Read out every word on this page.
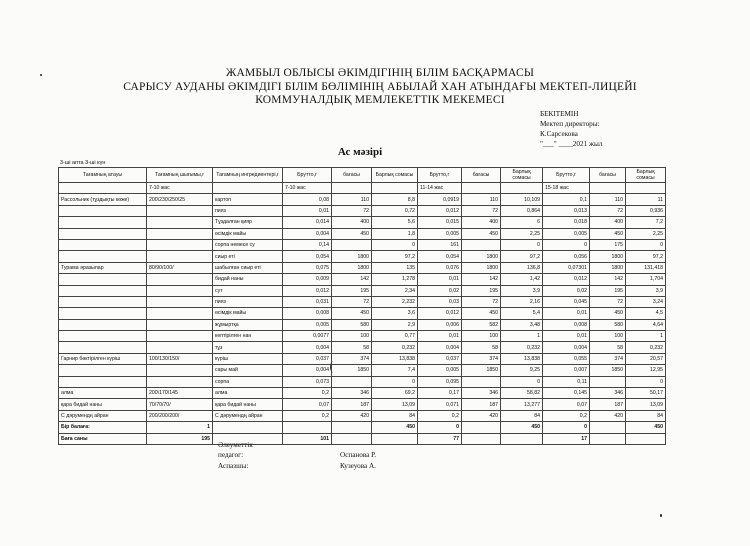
ЖАМБЫЛ ОБЛЫСЫ ӘКІМДІГІНІҢ БІЛІМ БАСҚАРМАСЫ
САРЫСУ АУДАНЫ ӘКІМДІГІ БІЛІМ БӨЛІМІНІҢ АБЫЛАЙ ХАН АТЫНДАҒЫ МЕКТЕП-ЛИЦЕЙІ
КОММУНАЛДЫҚ МЕМЛЕКЕТТІК МЕКЕМЕСІ
БЕКІТЕМІН
Мектеп директоры:
К.Сарсекова
"___" ____2021 жыл
Ас мәзірі
3-ші апта 3-ші күн
Тағамның атауы	Тағамның шығымы,г	Тағамның ингредиентері,г	Брутто,г	бағасы	Барлық сомасы	Брутто,г	бағасы	Барлық сомасы	Брутто,г	бағасы	Барлық сомасы
	7-10 жас		7-10 жас			11-14 жас			15-18 жас		
Рассольник (тұздықты көже)	200\230\250\25	картоп	0,08	110	8,8	0,0919	110	10,109	0,1	110	11
		пияз	0,01	72	0,72	0,012	72	0,864	0,013	72	0,936
		Тұздалған қияр	0,014	400	5,6	0,015	400	6	0,018	400	7,2
		өсімдік майы	0,004	450	1,8	0,005	450	2,25	0,005	450	2,25
		сорпа немесе су	0,14		0	161		0	0	175	0
		сиыр еті	0,054	1800	97,2	0,054	1800	97,2	0,056	1800	97,2
Турама әразылар	80/90/100/	шабылған сиыр еті	0,075	1800	135	0,076	1800	136,8	0,07301	1800	131,418
		бидай наны	0,009	142	1,278	0,01	142	1,42	0,012	142	1,704
		сут	0,012	195	2,34	0,02	195	3,9	0,02	195	3,9
		пияз	0,031	72	2,232	0,03	72	2,16	0,045	72	3,24
		өсімдік майы	0,008	450	3,6	0,012	450	5,4	0,01	450	4,5
		жұмыртқа	0,005	580	2,9	0,006	582	3,48	0,008	580	4,64
		кептірілген нан	0,0077	100	0,77	0,01	100	1	0,01	100	1
		тұз	0,004	58	0,232	0,004	58	0,232	0,004	58	0,232
Гарнир бөктірілген күріш	100/130/150/	күріш	0,037	374	13,838	0,037	374	13,838	0,055	374	20,57
		сары май	0,004	1850	7,4	0,005	1850	9,25	0,007	1850	12,95
		сорпа	0,073		0	0,095		0	0,11		0
алма	200\170\145	алма	0,2	346	69,2	0,17	346	58,82	0,145	346	50,17
қара бидай наны	70/70/70/	қара бидай наны	0,07	187	13,09	0,071	187	13,277	0,07	187	13,09
С дәрумендң айран	200/200/200/	С дәрумендң айран	0,2	420	84	0,2	420	84	0,2	420	84
Бір балаға:	1				450	0		450	0		450
Баға саны	195		101			77			17		
Әлеуметтік
педагог:	Оспанова Р.
Аспазшы:	Кузеуова А.
